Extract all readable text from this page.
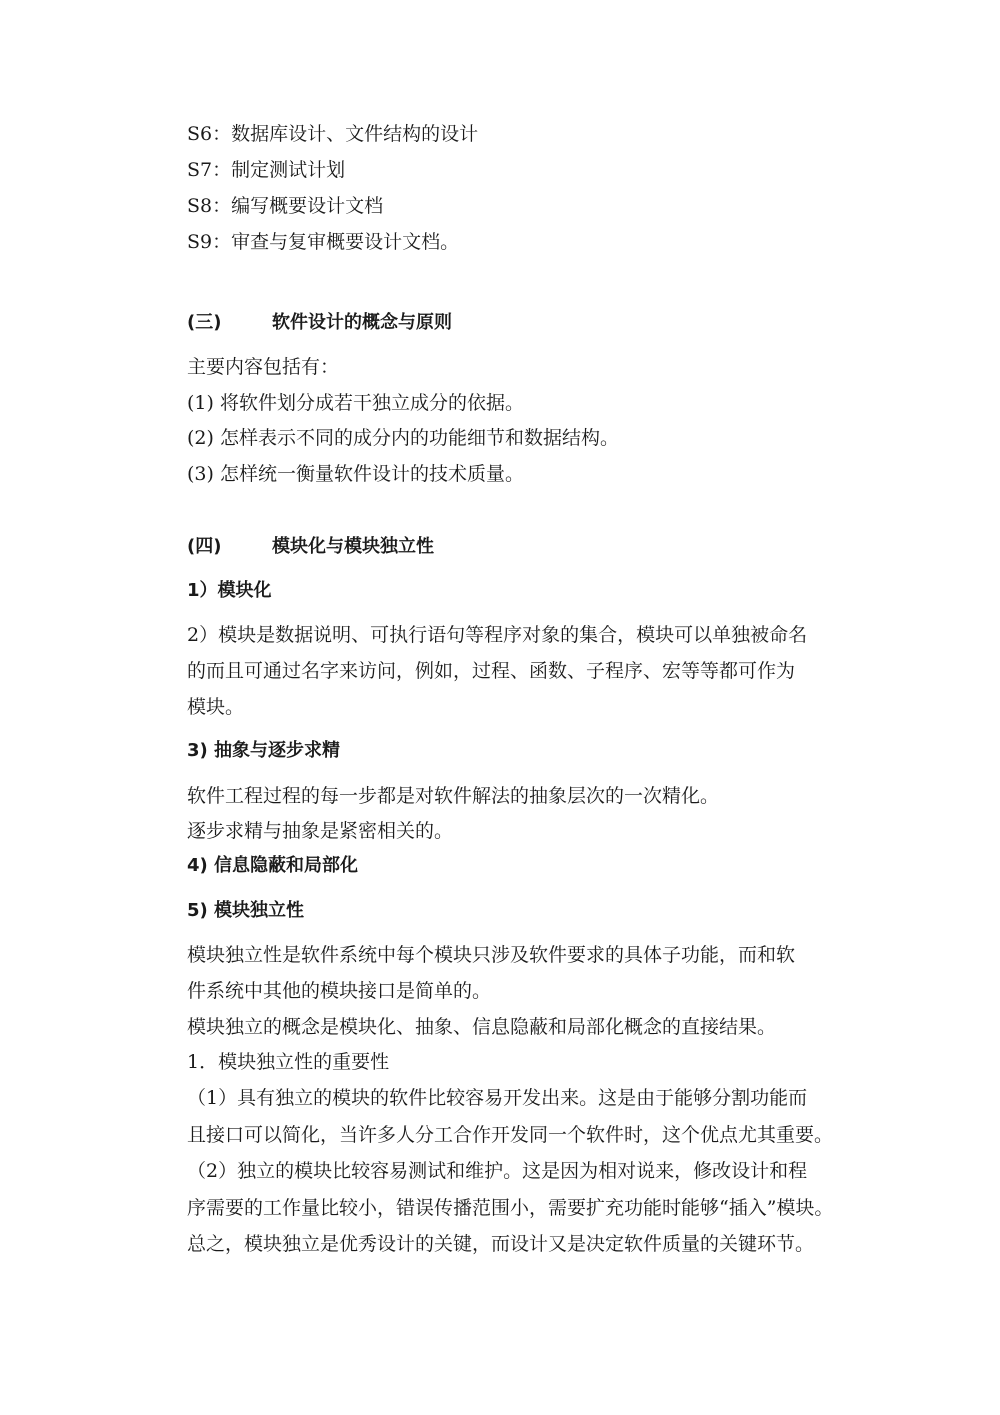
S6：数据库设计、文件结构的设计
S7：制定测试计划
S8：编写概要设计文档
S9：审查与复审概要设计文档。
(三)	软件设计的概念与原则
主要内容包括有：
(1) 将软件划分成若干独立成分的依据。
(2) 怎样表示不同的成分内的功能细节和数据结构。
(3) 怎样统一衡量软件设计的技术质量。
(四)	模块化与模块独立性
1）模块化
2）模块是数据说明、可执行语句等程序对象的集合，模块可以单独被命名
的而且可通过名字来访问，例如，过程、函数、子程序、宏等等都可作为
模块。
3) 抽象与逐步求精
软件工程过程的每一步都是对软件解法的抽象层次的一次精化。
逐步求精与抽象是紧密相关的。
4) 信息隐蔽和局部化
5) 模块独立性
模块独立性是软件系统中每个模块只涉及软件要求的具体子功能，而和软
件系统中其他的模块接口是简单的。
模块独立的概念是模块化、抽象、信息隐蔽和局部化概念的直接结果。
1．模块独立性的重要性
（1）具有独立的模块的软件比较容易开发出来。这是由于能够分割功能而
且接口可以简化，当许多人分工合作开发同一个软件时，这个优点尤其重要。
（2）独立的模块比较容易测试和维护。这是因为相对说来，修改设计和程
序需要的工作量比较小，错误传播范围小，需要扩充功能时能够“插入”模块。
总之，模块独立是优秀设计的关键，而设计又是决定软件质量的关键环节。
